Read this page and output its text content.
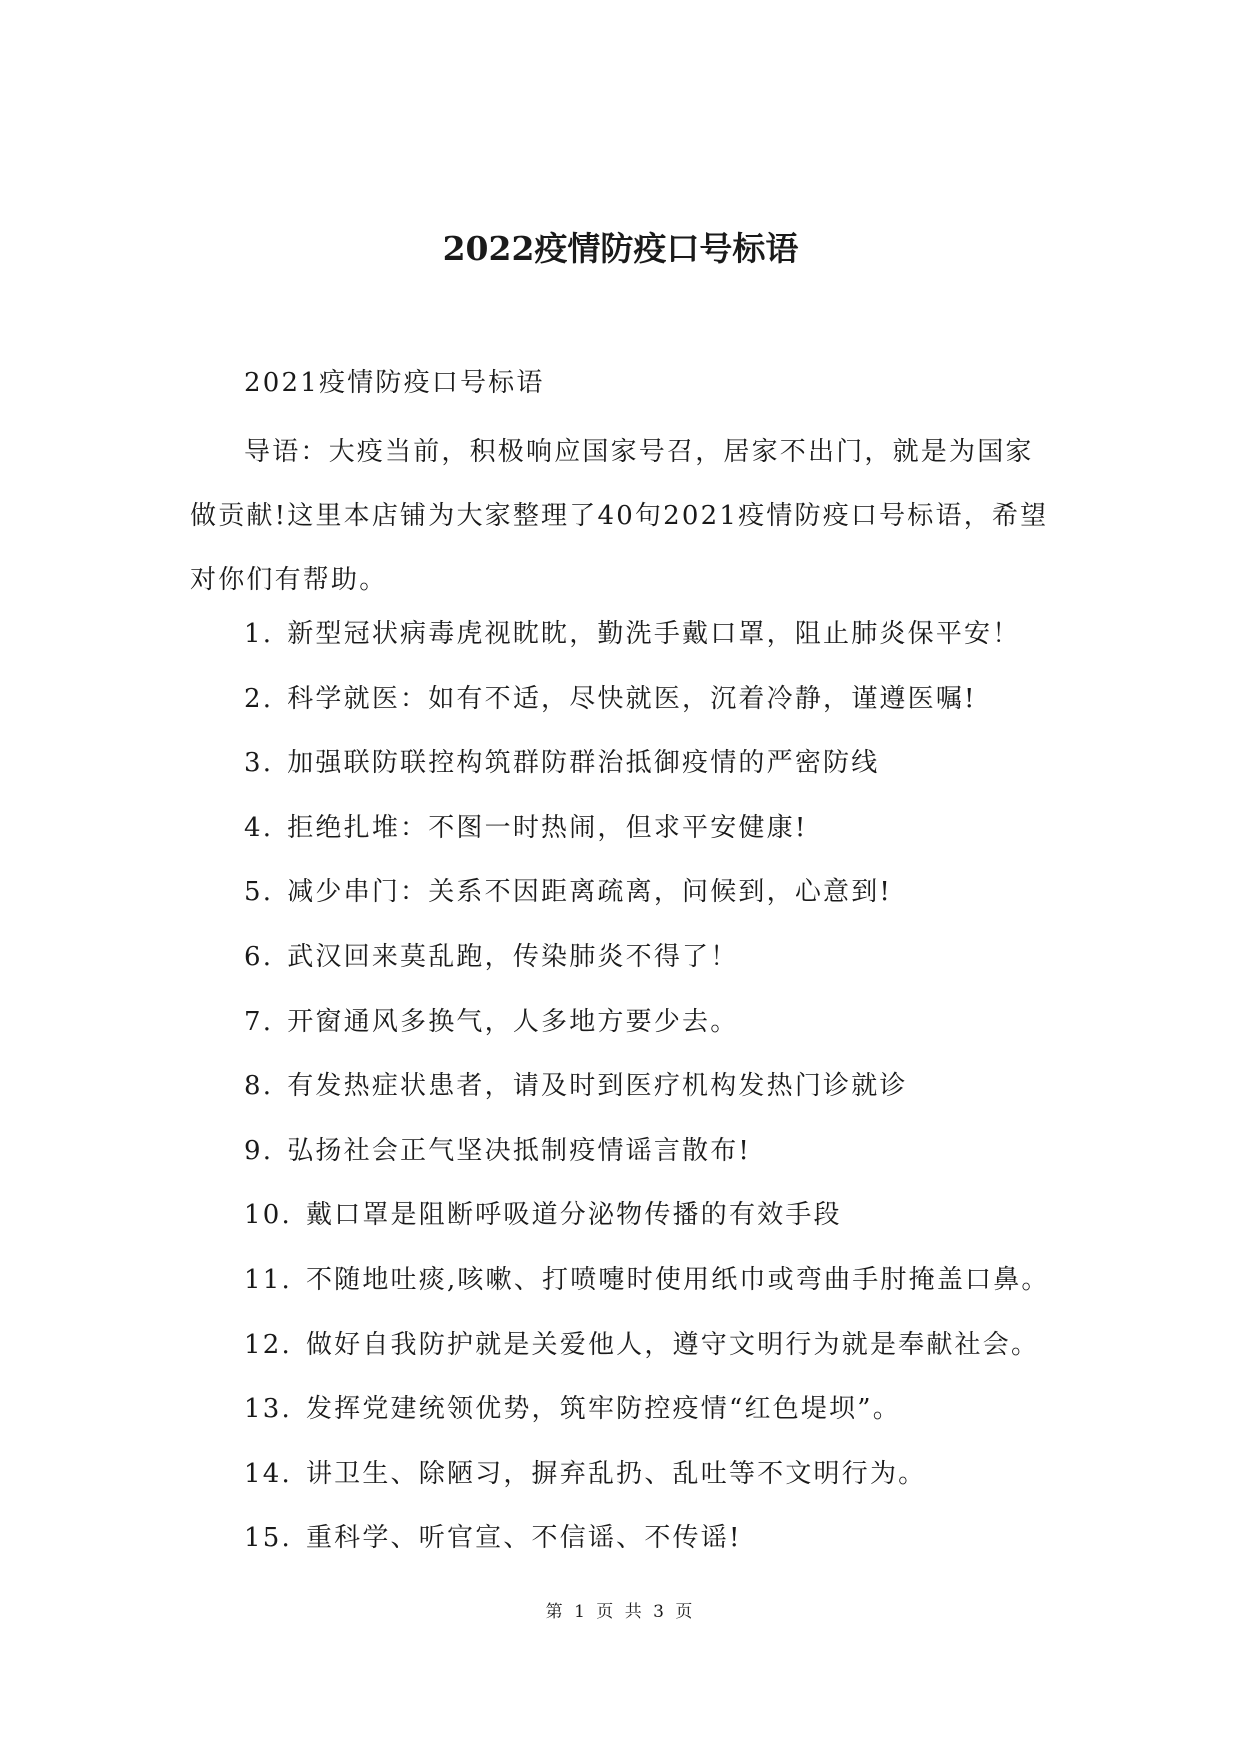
2022疫情防疫口号标语
2021疫情防疫口号标语
导语：大疫当前，积极响应国家号召，居家不出门，就是为国家做贡献!这里本店铺为大家整理了40句2021疫情防疫口号标语，希望对你们有帮助。
1. 新型冠状病毒虎视眈眈，勤洗手戴口罩，阻止肺炎保平安！
2. 科学就医：如有不适，尽快就医，沉着冷静，谨遵医嘱!
3. 加强联防联控构筑群防群治抵御疫情的严密防线
4. 拒绝扎堆：不图一时热闹，但求平安健康!
5. 减少串门：关系不因距离疏离，问候到，心意到!
6. 武汉回来莫乱跑，传染肺炎不得了！
7. 开窗通风多换气，人多地方要少去。
8. 有发热症状患者，请及时到医疗机构发热门诊就诊
9. 弘扬社会正气坚决抵制疫情谣言散布!
10. 戴口罩是阻断呼吸道分泌物传播的有效手段
11. 不随地吐痰,咳嗽、打喷嚏时使用纸巾或弯曲手肘掩盖口鼻。
12. 做好自我防护就是关爱他人，遵守文明行为就是奉献社会。
13. 发挥党建统领优势，筑牢防控疫情“红色堤坝”。
14. 讲卫生、除陋习，摒弃乱扔、乱吐等不文明行为。
15. 重科学、听官宣、不信谣、不传谣!
第 1 页 共 3 页
